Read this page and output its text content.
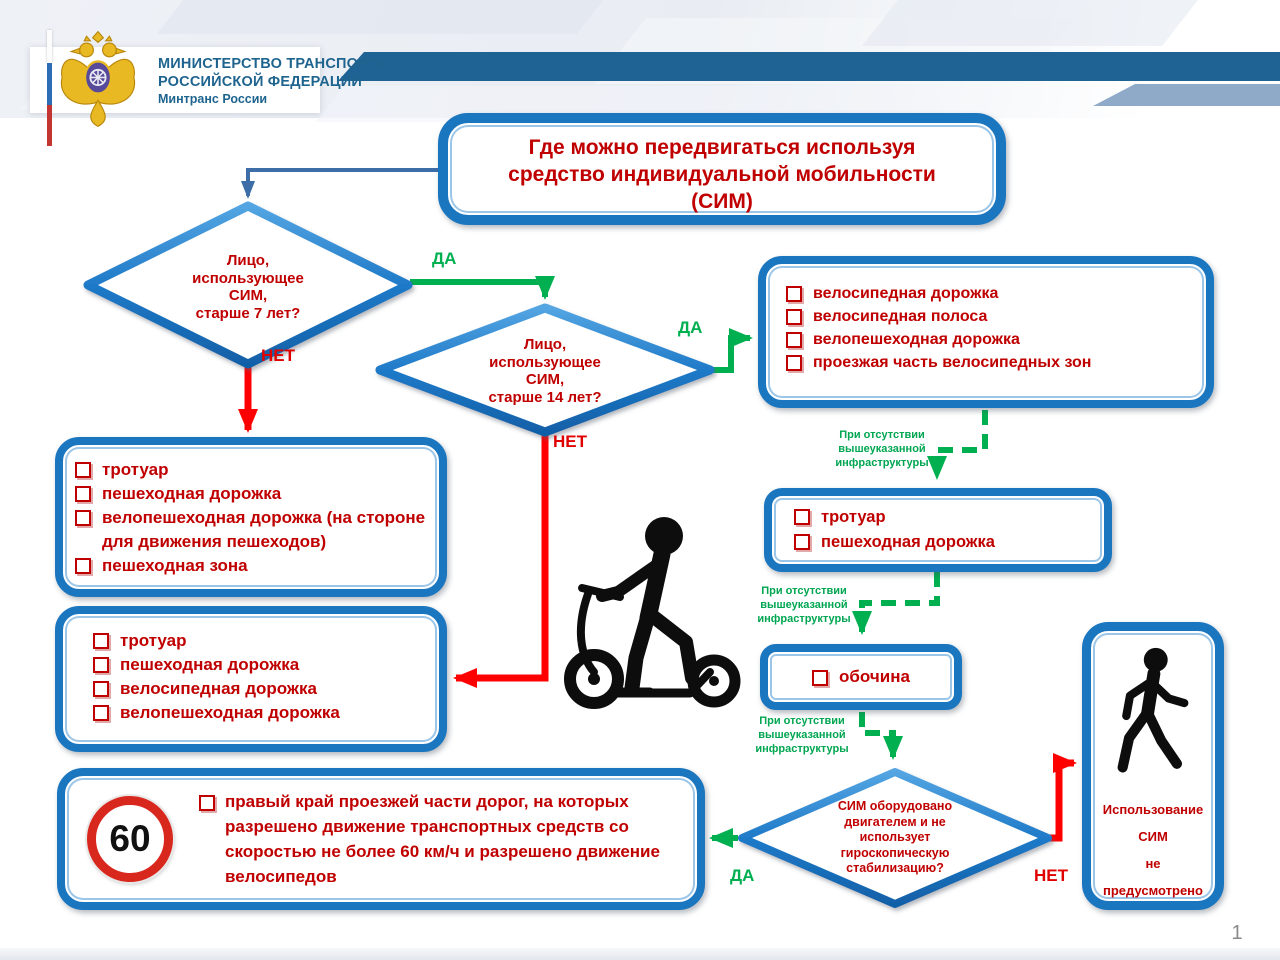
МИНИСТЕРСТВО ТРАНСПОРТА
РОССИЙСКОЙ ФЕДЕРАЦИИ
Минтранс России
Где можно передвигаться используя
средство индивидуальной мобильности
(СИМ)
Лицо,
использующее
СИМ,
старше 7 лет?
Лицо,
использующее
СИМ,
старше 14 лет?
СИМ оборудовано
двигателем и не
использует
гироскопическую
стабилизацию?
ДА
НЕТ
ДА
НЕТ
ДА	НЕТ
При отсутствии вышеуказанной инфраструктуры
При отсутствии вышеуказанной инфраструктуры
При отсутствии вышеуказанной инфраструктуры
велосипедная дорожка
велосипедная полоса
велопешеходная дорожка
проезжая часть велосипедных зон
тротуар
пешеходная дорожка
велопешеходная дорожка (на стороне для движения пешеходов)
пешеходная зона
тротуар
пешеходная дорожка
велосипедная дорожка
велопешеходная дорожка
тротуар
пешеходная дорожка
обочина
60
правый край проезжей части дорог, на которых разрешено движение транспортных средств со скоростью не более 60 км/ч и разрешено движение велосипедов
Использование
СИМ
не
предусмотрено
1
